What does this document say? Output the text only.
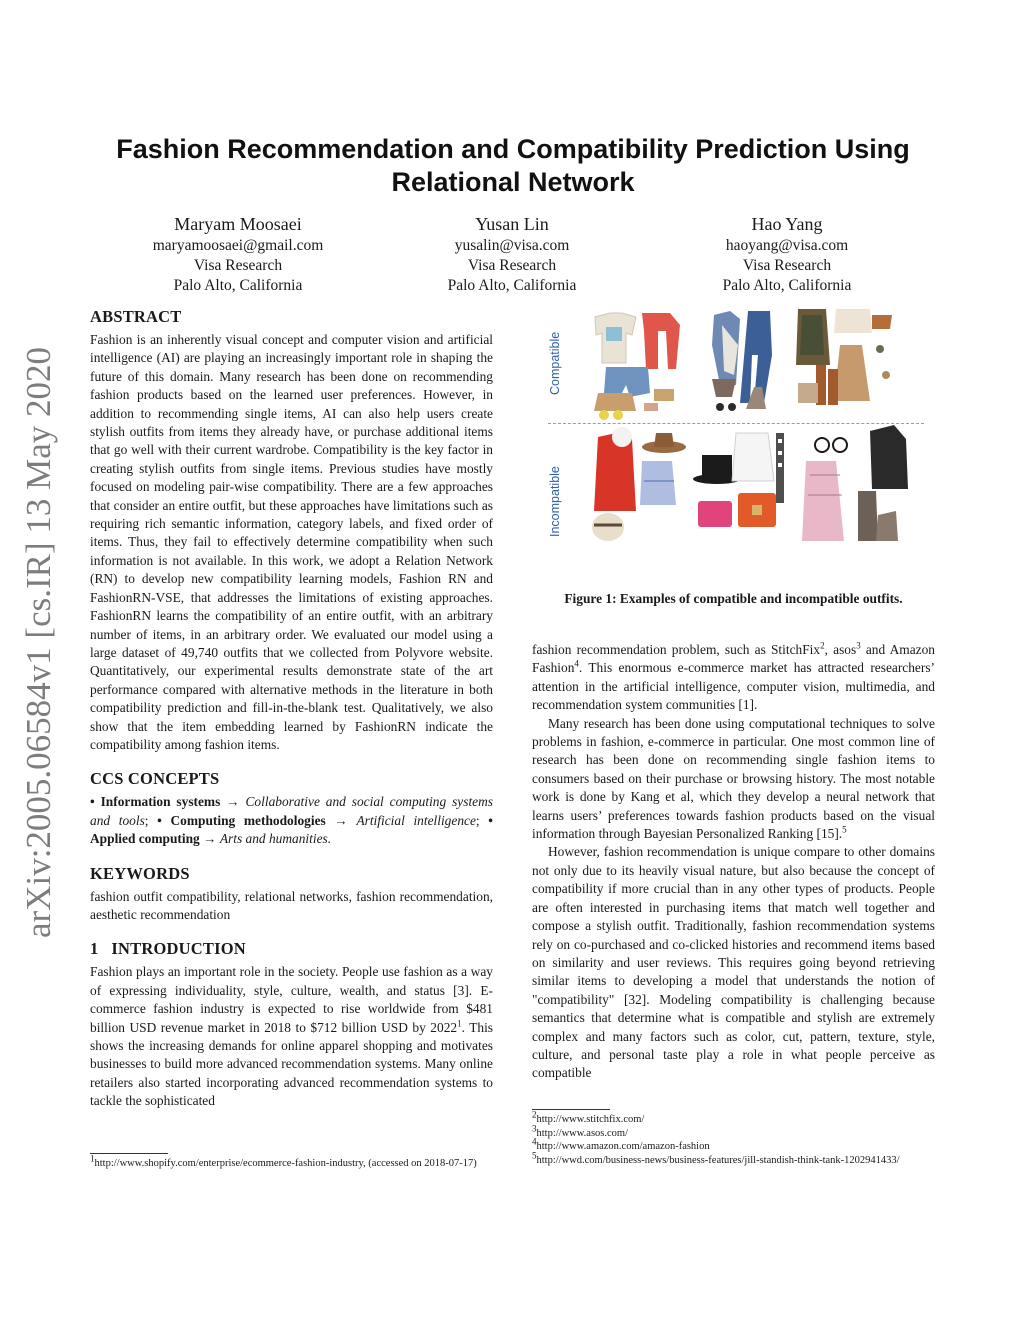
arXiv:2005.06584v1 [cs.IR] 13 May 2020
Fashion Recommendation and Compatibility Prediction Using Relational Network
Maryam Moosaei
maryamoosaei@gmail.com
Visa Research
Palo Alto, California
Yusan Lin
yusalin@visa.com
Visa Research
Palo Alto, California
Hao Yang
haoyang@visa.com
Visa Research
Palo Alto, California
ABSTRACT

Fashion is an inherently visual concept and computer vision and artificial intelligence (AI) are playing an increasingly important role in shaping the future of this domain. Many research has been done on recommending fashion products based on the learned user preferences. However, in addition to recommending single items, AI can also help users create stylish outfits from items they already have, or purchase additional items that go well with their current wardrobe. Compatibility is the key factor in creating stylish outfits from single items. Previous studies have mostly focused on modeling pair-wise compatibility. There are a few approaches that consider an entire outfit, but these approaches have limitations such as requiring rich semantic information, category labels, and fixed order of items. Thus, they fail to effectively determine compatibility when such information is not available. In this work, we adopt a Relation Network (RN) to develop new compatibility learning models, Fashion RN and FashionRN-VSE, that addresses the limitations of existing approaches. FashionRN learns the compatibility of an entire outfit, with an arbitrary number of items, in an arbitrary order. We evaluated our model using a large dataset of 49,740 outfits that we collected from Polyvore website. Quantitatively, our experimental results demonstrate state of the art performance compared with alternative methods in the literature in both compatibility prediction and fill-in-the-blank test. Qualitatively, we also show that the item embedding learned by FashionRN indicate the compatibility among fashion items.

CCS CONCEPTS

• Information systems → Collaborative and social computing systems and tools; • Computing methodologies → Artificial intelligence; • Applied computing → Arts and humanities.

KEYWORDS

fashion outfit compatibility, relational networks, fashion recommendation, aesthetic recommendation

1   INTRODUCTION

Fashion plays an important role in the society. People use fashion as a way of expressing individuality, style, culture, wealth, and status [3]. E-commerce fashion industry is expected to rise worldwide from $481 billion USD revenue market in 2018 to $712 billion USD by 2022$^1$. This shows the increasing demands for online apparel shopping and motivates businesses to build more advanced recommendation systems. Many online retailers also started incorporating advanced recommendation systems to tackle the sophisticated

$^1$http://www.shopify.com/enterprise/ecommerce-fashion-industry, (accessed on 2018-07-17)

Compatible
Incompatible
Figure 1: Examples of compatible and incompatible outfits.

fashion recommendation problem, such as StitchFix$^2$, asos$^3$ and Amazon Fashion$^4$. This enormous e-commerce market has attracted researchers’ attention in the artificial intelligence, computer vision, multimedia, and recommendation system communities [1].

Many research has been done using computational techniques to solve problems in fashion, e-commerce in particular. One most common line of research has been done on recommending single fashion items to consumers based on their purchase or browsing history. The most notable work is done by Kang et al, which they develop a neural network that learns users’ preferences towards fashion products based on the visual information through Bayesian Personalized Ranking [15].$^5$

However, fashion recommendation is unique compare to other domains not only due to its heavily visual nature, but also because the concept of compatibility if more crucial than in any other types of products. People are often interested in purchasing items that match well together and compose a stylish outfit. Traditionally, fashion recommendation systems rely on co-purchased and co-clicked histories and recommend items based on similarity and user reviews. This requires going beyond retrieving similar items to developing a model that understands the notion of "compatibility" [32]. Modeling compatibility is challenging because semantics that determine what is compatible and stylish are extremely complex and many factors such as color, cut, pattern, texture, style, culture, and personal taste play a role in what people perceive as compatible

$^2$http://www.stitchfix.com/

$^3$http://www.asos.com/

$^4$http://www.amazon.com/amazon-fashion

$^5$http://wwd.com/business-news/business-features/jill-standish-think-tank-1202941433/
